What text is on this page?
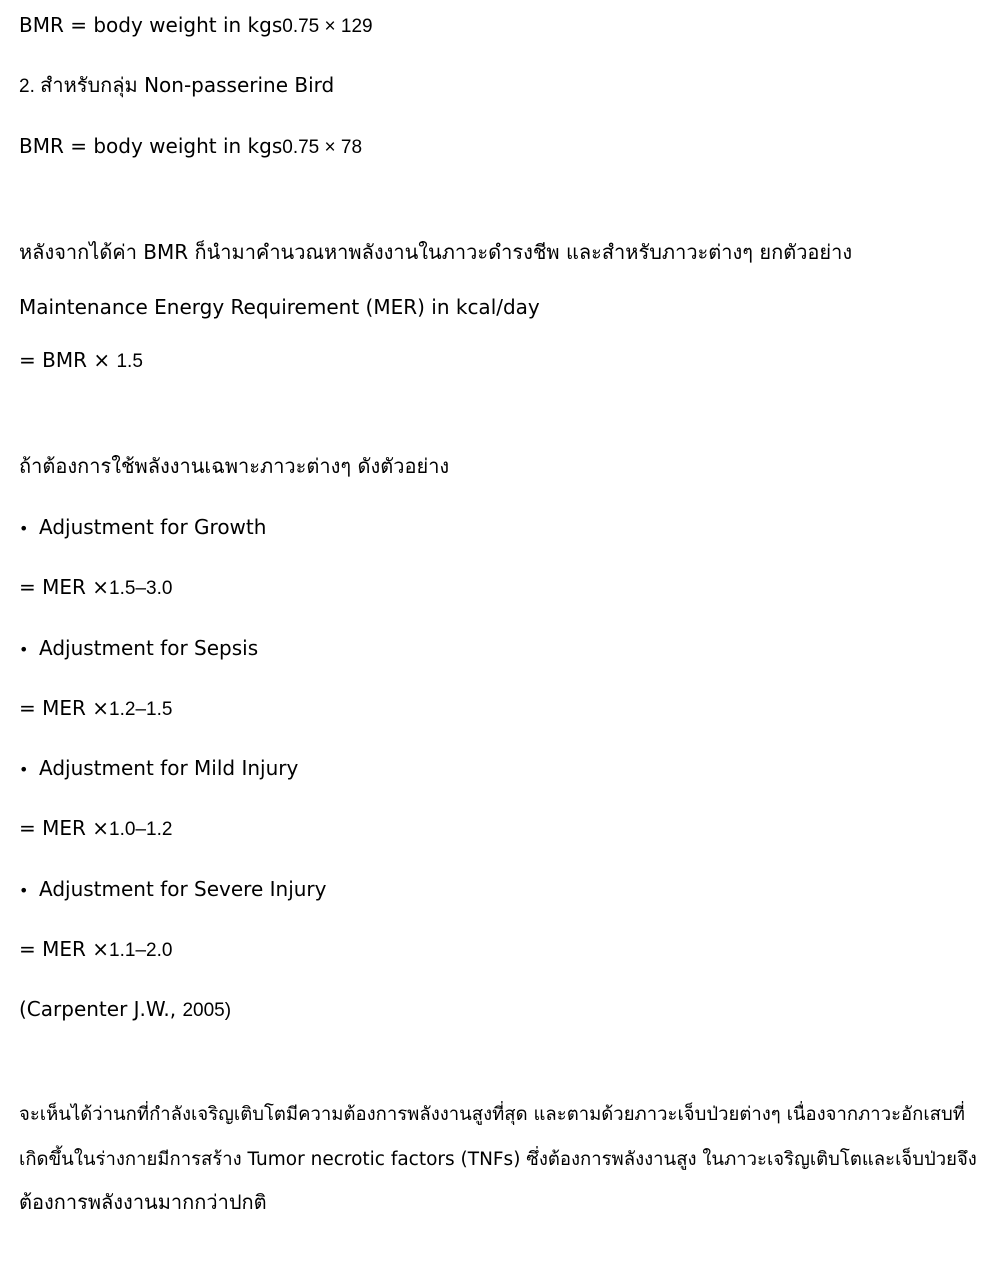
BMR = body weight in kgs0.75 × 129
2. สำหรับกลุ่ม Non-passerine Bird
BMR = body weight in kgs0.75 × 78
หลังจากได้ค่า BMR ก็นำมาคำนวณหาพลังงานในภาวะดำรงชีพ และสำหรับภาวะต่างๆ ยกตัวอย่าง
Maintenance Energy Requirement (MER) in kcal/day
= BMR × 1.5
ถ้าต้องการใช้พลังงานเฉพาะภาวะต่างๆ ดังตัวอย่าง
• Adjustment for Growth
= MER ×1.5–3.0
• Adjustment for Sepsis
= MER ×1.2–1.5
• Adjustment for Mild Injury
= MER ×1.0–1.2
• Adjustment for Severe Injury
= MER ×1.1–2.0
(Carpenter J.W., 2005)
จะเห็นได้ว่านกที่กำลังเจริญเติบโตมีความต้องการพลังงานสูงที่สุด และตามด้วยภาวะเจ็บป่วยต่างๆ เนื่องจากภาวะอักเสบที่
เกิดขึ้นในร่างกายมีการสร้าง Tumor necrotic factors (TNFs) ซึ่งต้องการพลังงานสูง ในภาวะเจริญเติบโตและเจ็บป่วยจึง
ต้องการพลังงานมากกว่าปกติ
